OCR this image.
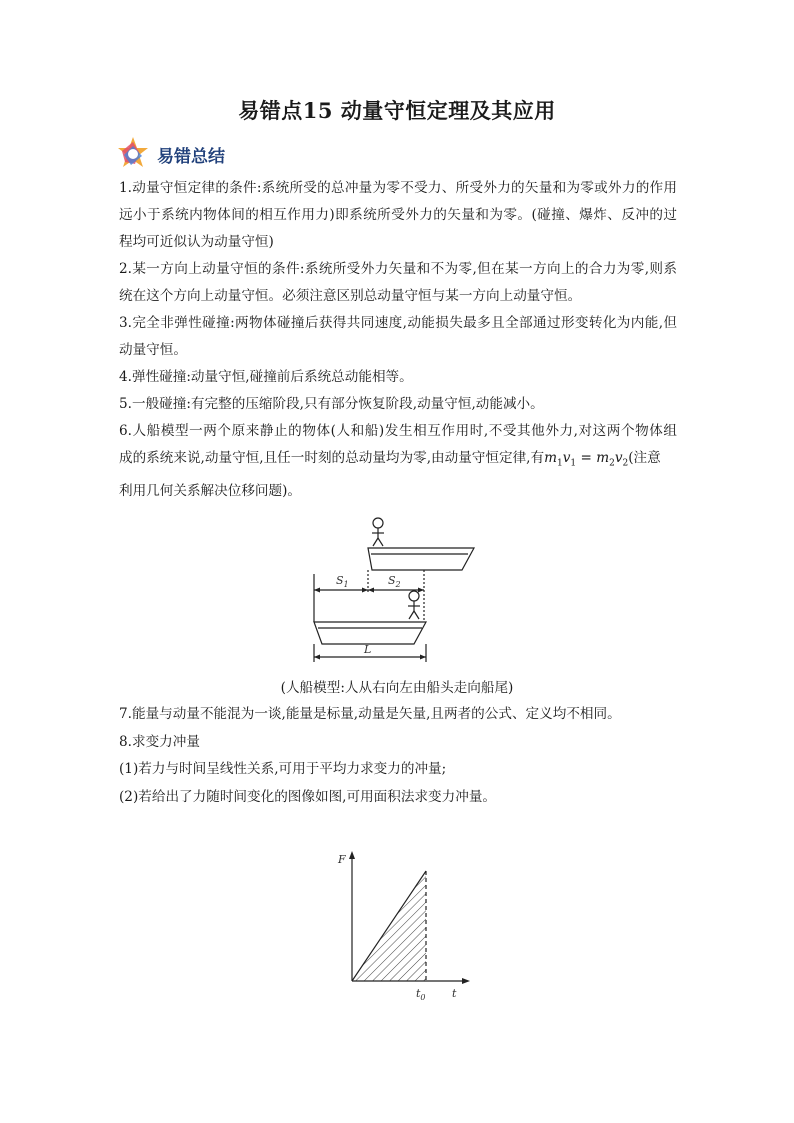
易错点15 动量守恒定理及其应用
易错总结

1.动量守恒定律的条件:系统所受的总冲量为零不受力、所受外力的矢量和为零或外力的作用

远小于系统内物体间的相互作用力)即系统所受外力的矢量和为零。(碰撞、爆炸、反冲的过

程均可近似认为动量守恒)

2.某一方向上动量守恒的条件:系统所受外力矢量和不为零,但在某一方向上的合力为零,则系

统在这个方向上动量守恒。必须注意区别总动量守恒与某一方向上动量守恒。

3.完全非弹性碰撞:两物体碰撞后获得共同速度,动能损失最多且全部通过形变转化为内能,但

动量守恒。

4.弹性碰撞:动量守恒,碰撞前后系统总动能相等。

5.一般碰撞:有完整的压缩阶段,只有部分恢复阶段,动量守恒,动能减小。

6.人船模型一两个原来静止的物体(人和船)发生相互作用时,不受其他外力,对这两个物体组

成的系统来说,动量守恒,且任一时刻的总动量均为零,由动量守恒定律,有$m_1v_1 = m_2v_2$(注意

利用几何关系解决位移问题)。

$S_1$	$S_2$
L
(人船模型:人从右向左由船头走向船尾)

7.能量与动量不能混为一谈,能量是标量,动量是矢量,且两者的公式、定义均不相同。

8.求变力冲量

(1)若力与时间呈线性关系,可用于平均力求变力的冲量;

(2)若给出了力随时间变化的图像如图,可用面积法求变力冲量。

F
t
$t_0$
